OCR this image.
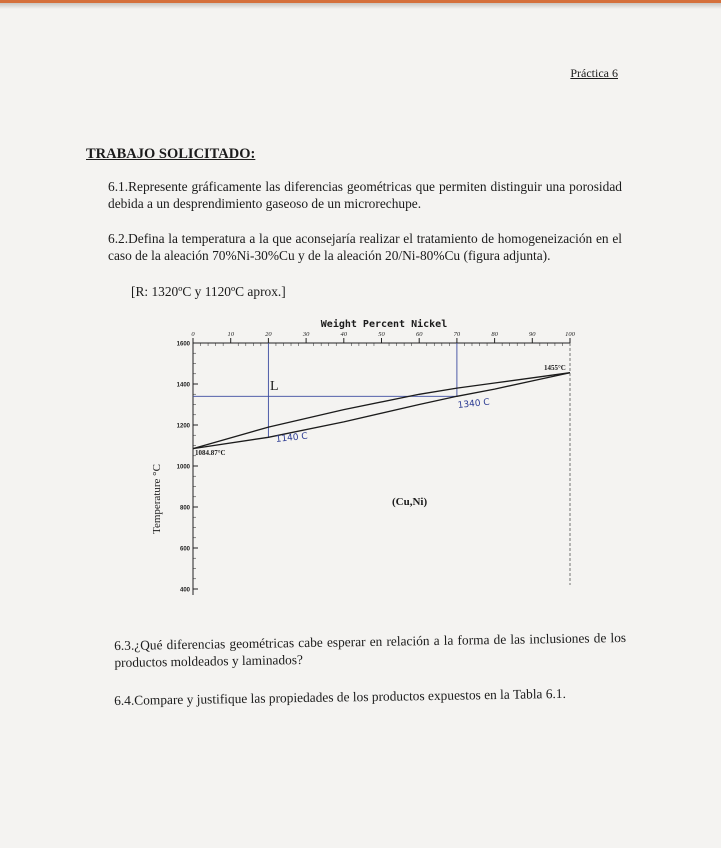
Práctica 6
TRABAJO SOLICITADO:
6.1.Represente gráficamente las diferencias geométricas que permiten distinguir una porosidad debida a un desprendimiento gaseoso de un microrechupe.
6.2.Defina la temperatura a la que aconsejaría realizar el tratamiento de homogeneización en el caso de la aleación 70%Ni-30%Cu y de la aleación 20/Ni-80%Cu (figura adjunta).
[R: 1320ºC y 1120ºC aprox.]
Weight Percent Nickel
0	10	20	30	40	50	60	70	80	90	100
1600
1400
1200
1000
800
600
400
L
(Cu,Ni)
1084.87°C
1455°C
1140 C
1340 C
Temperature °C
6.3.¿Qué diferencias geométricas cabe esperar en relación a la forma de las inclusiones de los productos moldeados y laminados?
6.4.Compare y justifique las propiedades de los productos expuestos en la Tabla 6.1.
